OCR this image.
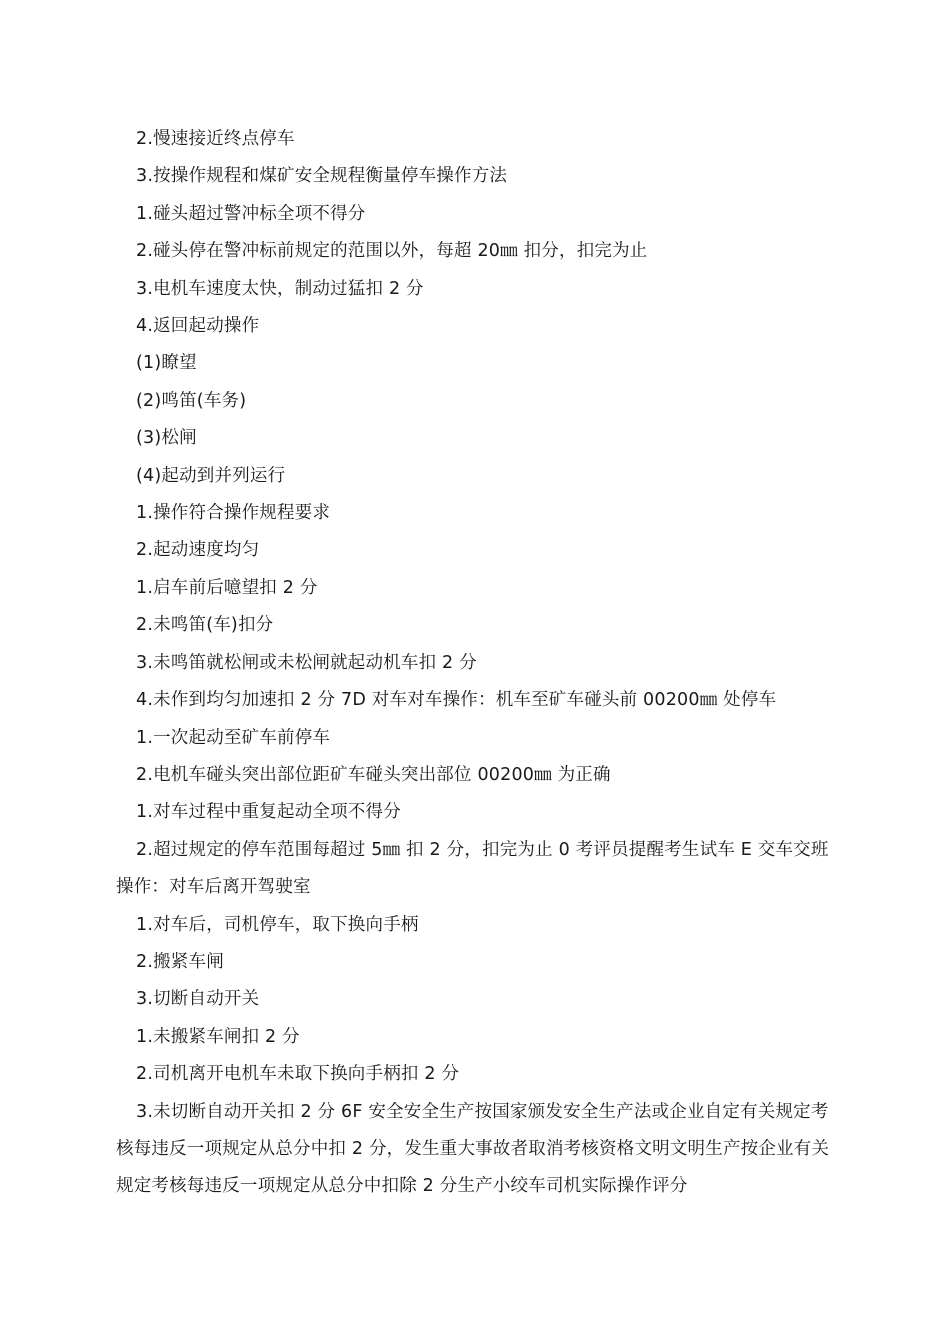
2.慢速接近终点停车

3.按操作规程和煤矿安全规程衡量停车操作方法

1.碰头超过警冲标全项不得分

2.碰头停在警冲标前规定的范围以外，每超 20㎜ 扣分，扣完为止

3.电机车速度太快，制动过猛扣 2 分

4.返回起动操作

(1)瞭望

(2)鸣笛(车务)

(3)松闸

(4)起动到并列运行

1.操作符合操作规程要求

2.起动速度均匀

1.启车前后噫望扣 2 分

2.未鸣笛(车)扣分

3.未鸣笛就松闸或未松闸就起动机车扣 2 分

4.未作到均匀加速扣 2 分 7D 对车对车操作：机车至矿车碰头前 00200㎜ 处停车

1.一次起动至矿车前停车

2.电机车碰头突出部位距矿车碰头突出部位 00200㎜ 为正确

1.对车过程中重复起动全项不得分

2.超过规定的停车范围每超过 5㎜ 扣 2 分，扣完为止 0 考评员提醒考生试车 E 交车交班操作：对车后离开驾驶室

1.对车后，司机停车，取下换向手柄

2.搬紧车闸

3.切断自动开关

1.未搬紧车闸扣 2 分

2.司机离开电机车未取下换向手柄扣 2 分

3.未切断自动开关扣 2 分 6F 安全安全生产按国家颁发安全生产法或企业自定有关规定考核每违反一项规定从总分中扣 2 分，发生重大事故者取消考核资格文明文明生产按企业有关规定考核每违反一项规定从总分中扣除 2 分生产小绞车司机实际操作评分
